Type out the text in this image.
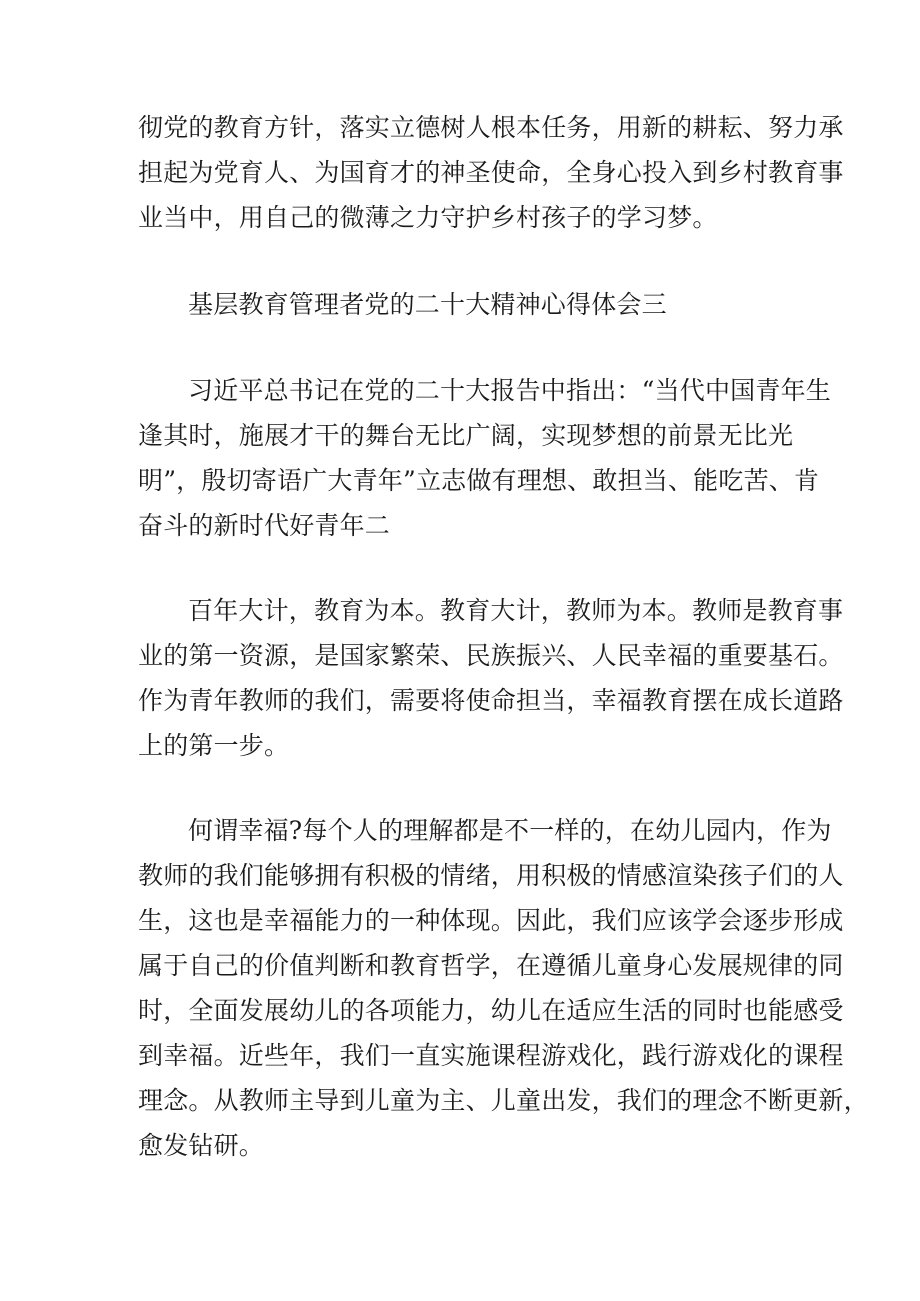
彻党的教育方针，落实立德树人根本任务，用新的耕耘、努力承
担起为党育人、为国育才的神圣使命，全身心投入到乡村教育事
业当中，用自己的微薄之力守护乡村孩子的学习梦。
基层教育管理者党的二十大精神心得体会三
习近平总书记在党的二十大报告中指出：“当代中国青年生
逢其时，施展才干的舞台无比广阔，实现梦想的前景无比光
明”，殷切寄语广大青年”立志做有理想、敢担当、能吃苦、肯
奋斗的新时代好青年二
百年大计，教育为本。教育大计，教师为本。教师是教育事
业的第一资源，是国家繁荣、民族振兴、人民幸福的重要基石。
作为青年教师的我们，需要将使命担当，幸福教育摆在成长道路
上的第一步。
何谓幸福?每个人的理解都是不一样的，在幼儿园内，作为
教师的我们能够拥有积极的情绪，用积极的情感渲染孩子们的人
生，这也是幸福能力的一种体现。因此，我们应该学会逐步形成
属于自己的价值判断和教育哲学，在遵循儿童身心发展规律的同
时，全面发展幼儿的各项能力，幼儿在适应生活的同时也能感受
到幸福。近些年，我们一直实施课程游戏化，践行游戏化的课程
理念。从教师主导到儿童为主、儿童出发，我们的理念不断更新，
愈发钻研。
